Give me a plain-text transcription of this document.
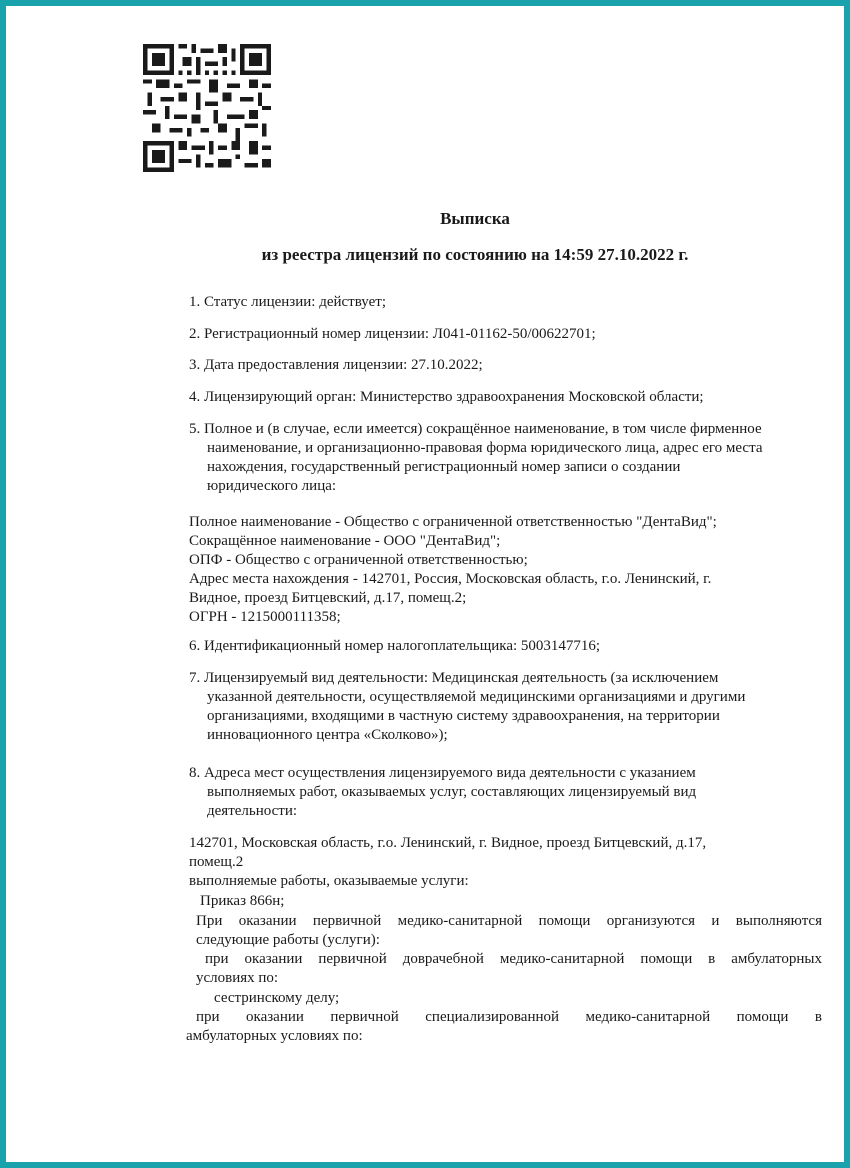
Выписка
из реестра лицензий по состоянию на 14:59 27.10.2022 г.
1. Статус лицензии: действует;
2. Регистрационный номер лицензии: Л041-01162-50/00622701;
3. Дата предоставления лицензии: 27.10.2022;
4. Лицензирующий орган: Министерство здравоохранения Московской области;
5. Полное и (в случае, если имеется) сокращённое наименование, в том числе фирменное
наименование, и организационно-правовая форма юридического лица, адрес его места
нахождения, государственный регистрационный номер записи о создании
юридического лица:
Полное наименование - Общество с ограниченной ответственностью "ДентаВид";
Сокращённое наименование - ООО "ДентаВид";
ОПФ - Общество с ограниченной ответственностью;
Адрес места нахождения - 142701, Россия, Московская область, г.о. Ленинский, г.
Видное, проезд Битцевский, д.17, помещ.2;
ОГРН - 1215000111358;
6. Идентификационный номер налогоплательщика: 5003147716;
7. Лицензируемый вид деятельности: Медицинская деятельность (за исключением
указанной деятельности, осуществляемой медицинскими организациями и другими
организациями, входящими в частную систему здравоохранения, на территории
инновационного центра «Сколково»);
8. Адреса мест осуществления лицензируемого вида деятельности с указанием
выполняемых работ, оказываемых услуг, составляющих лицензируемый вид
деятельности:
142701, Московская область, г.о. Ленинский, г. Видное, проезд Битцевский, д.17,
помещ.2
выполняемые работы, оказываемые услуги:
Приказ 866н;
При оказании первичной медико-санитарной помощи организуются и выполняются
следующие работы (услуги):
при оказании первичной доврачебной медико-санитарной помощи в амбулаторных
условиях по:
сестринскому делу;
при оказании первичной специализированной медико-санитарной помощи в
амбулаторных условиях по:
